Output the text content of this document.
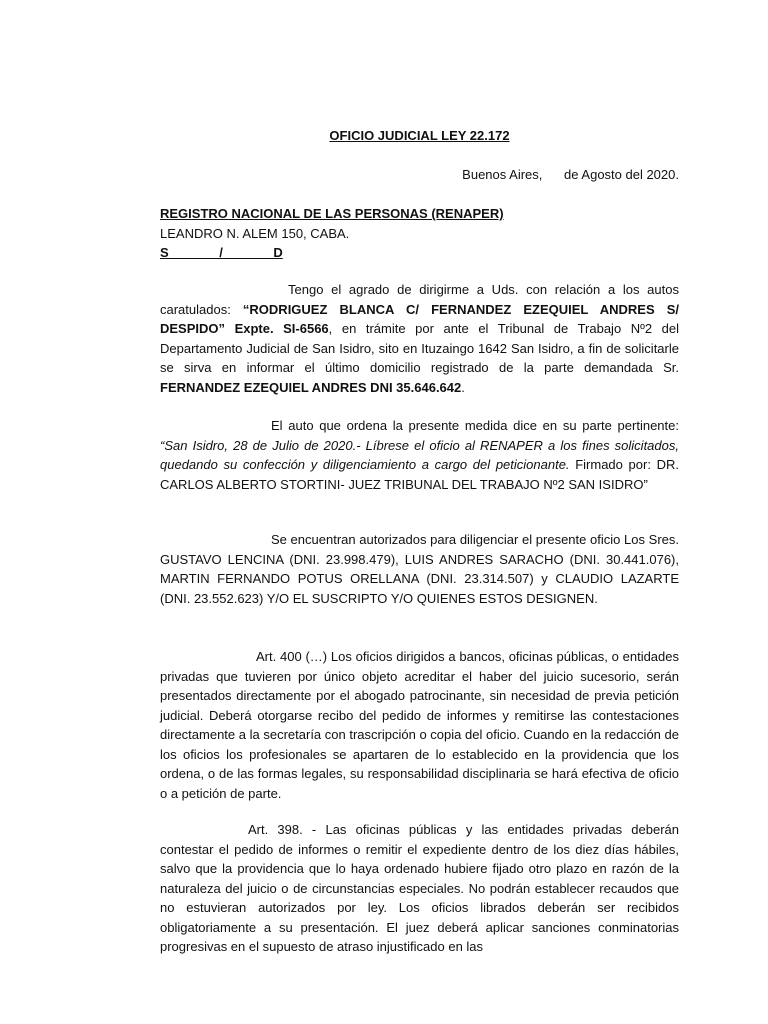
OFICIO JUDICIAL LEY 22.172
Buenos Aires,      de Agosto del 2020.
REGISTRO NACIONAL DE LAS PERSONAS (RENAPER)
LEANDRO N. ALEM 150, CABA.
S              /              D
Tengo el agrado de dirigirme a Uds. con relación a los autos caratulados: “RODRIGUEZ BLANCA C/ FERNANDEZ EZEQUIEL ANDRES S/ DESPIDO” Expte. SI-6566, en trámite por ante el Tribunal de Trabajo Nº2 del Departamento Judicial de San Isidro, sito en Ituzaingo 1642 San Isidro, a fin de solicitarle se sirva en informar el último domicilio registrado de la parte demandada Sr. FERNANDEZ EZEQUIEL ANDRES DNI 35.646.642.
El auto que ordena la presente medida dice en su parte pertinente: “San Isidro, 28 de Julio de 2020.- Líbrese el oficio al RENAPER a los fines solicitados, quedando su confección y diligenciamiento a cargo del peticionante. Firmado por: DR. CARLOS ALBERTO STORTINI- JUEZ TRIBUNAL DEL TRABAJO Nº2 SAN ISIDRO”
Se encuentran autorizados para diligenciar el presente oficio Los Sres. GUSTAVO LENCINA (DNI. 23.998.479), LUIS ANDRES SARACHO (DNI. 30.441.076), MARTIN FERNANDO POTUS ORELLANA (DNI. 23.314.507) y CLAUDIO LAZARTE (DNI. 23.552.623) Y/O EL SUSCRIPTO Y/O QUIENES ESTOS DESIGNEN.
Art. 400 (…) Los oficios dirigidos a bancos, oficinas públicas, o entidades privadas que tuvieren por único objeto acreditar el haber del juicio sucesorio, serán presentados directamente por el abogado patrocinante, sin necesidad de previa petición judicial. Deberá otorgarse recibo del pedido de informes y remitirse las contestaciones directamente a la secretaría con trascripción o copia del oficio. Cuando en la redacción de los oficios los profesionales se apartaren de lo establecido en la providencia que los ordena, o de las formas legales, su responsabilidad disciplinaria se hará efectiva de oficio o a petición de parte.
Art. 398. - Las oficinas públicas y las entidades privadas deberán contestar el pedido de informes o remitir el expediente dentro de los diez días hábiles, salvo que la providencia que lo haya ordenado hubiere fijado otro plazo en razón de la naturaleza del juicio o de circunstancias especiales. No podrán establecer recaudos que no estuvieran autorizados por ley. Los oficios librados deberán ser recibidos obligatoriamente a su presentación. El juez deberá aplicar sanciones conminatorias progresivas en el supuesto de atraso injustificado en las
